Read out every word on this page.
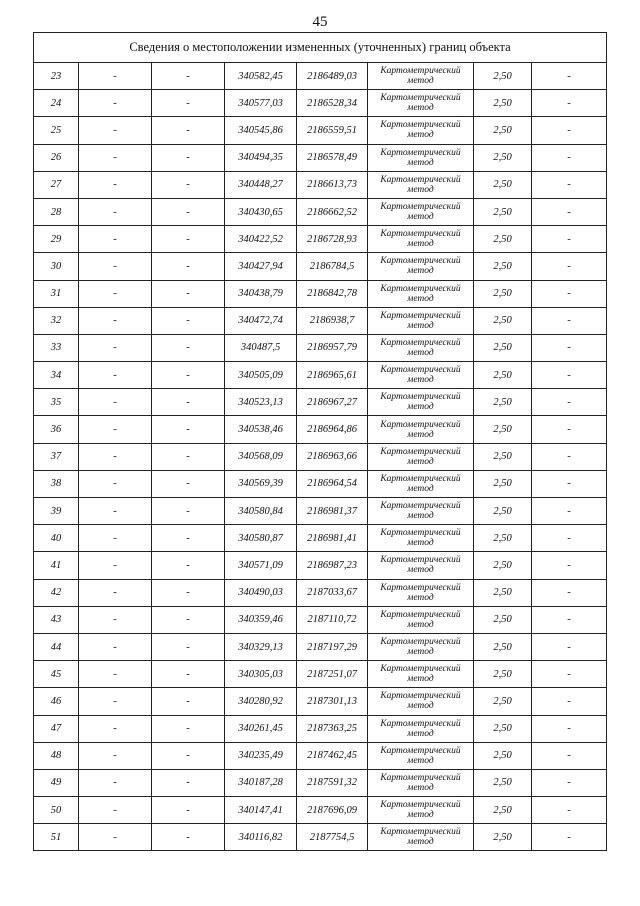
45
Сведения о местоположении измененных (уточненных) границ объекта							
23	-	-	340582,45	2186489,03	Картометрический метод	2,50	-
24	-	-	340577,03	2186528,34	Картометрический метод	2,50	-
25	-	-	340545,86	2186559,51	Картометрический метод	2,50	-
26	-	-	340494,35	2186578,49	Картометрический метод	2,50	-
27	-	-	340448,27	2186613,73	Картометрический метод	2,50	-
28	-	-	340430,65	2186662,52	Картометрический метод	2,50	-
29	-	-	340422,52	2186728,93	Картометрический метод	2,50	-
30	-	-	340427,94	2186784,5	Картометрический метод	2,50	-
31	-	-	340438,79	2186842,78	Картометрический метод	2,50	-
32	-	-	340472,74	2186938,7	Картометрический метод	2,50	-
33	-	-	340487,5	2186957,79	Картометрический метод	2,50	-
34	-	-	340505,09	2186965,61	Картометрический метод	2,50	-
35	-	-	340523,13	2186967,27	Картометрический метод	2,50	-
36	-	-	340538,46	2186964,86	Картометрический метод	2,50	-
37	-	-	340568,09	2186963,66	Картометрический метод	2,50	-
38	-	-	340569,39	2186964,54	Картометрический метод	2,50	-
39	-	-	340580,84	2186981,37	Картометрический метод	2,50	-
40	-	-	340580,87	2186981,41	Картометрический метод	2,50	-
41	-	-	340571,09	2186987,23	Картометрический метод	2,50	-
42	-	-	340490,03	2187033,67	Картометрический метод	2,50	-
43	-	-	340359,46	2187110,72	Картометрический метод	2,50	-
44	-	-	340329,13	2187197,29	Картометрический метод	2,50	-
45	-	-	340305,03	2187251,07	Картометрический метод	2,50	-
46	-	-	340280,92	2187301,13	Картометрический метод	2,50	-
47	-	-	340261,45	2187363,25	Картометрический метод	2,50	-
48	-	-	340235,49	2187462,45	Картометрический метод	2,50	-
49	-	-	340187,28	2187591,32	Картометрический метод	2,50	-
50	-	-	340147,41	2187696,09	Картометрический метод	2,50	-
51	-	-	340116,82	2187754,5	Картометрический метод	2,50	-
